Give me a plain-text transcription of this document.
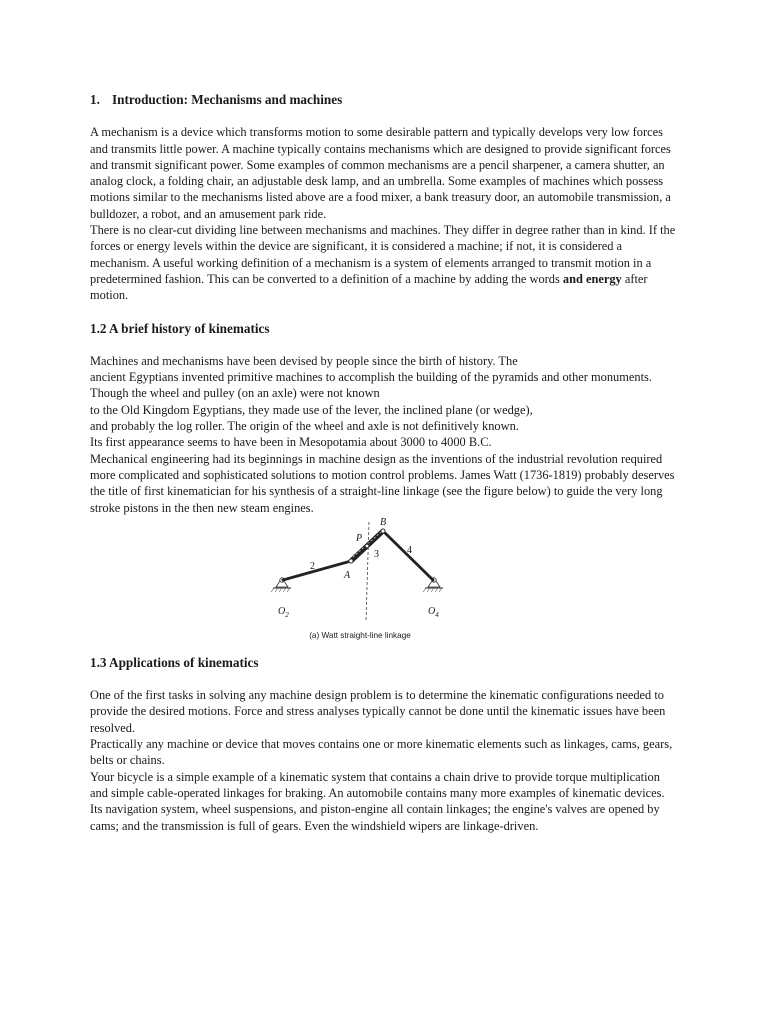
1. Introduction: Mechanisms and machines

A mechanism is a device which transforms motion to some desirable pattern and typically develops very low forces and transmits little power. A machine typically contains mechanisms which are designed to provide significant forces and transmit significant power. Some examples of common mechanisms are a pencil sharpener, a camera shutter, an analog clock, a folding chair, an adjustable desk lamp, and an umbrella. Some examples of machines which possess motions similar to the mechanisms listed above are a food mixer, a bank treasury door, an automobile transmission, a bulldozer, a robot, and an amusement park ride.

There is no clear-cut dividing line between mechanisms and machines. They differ in degree rather than in kind. If the forces or energy levels within the device are significant, it is considered a machine; if not, it is considered a mechanism. A useful working definition of a mechanism is a system of elements arranged to transmit motion in a predetermined fashion. This can be converted to a definition of a machine by adding the words and energy after motion.

1.2 A brief history of kinematics

Machines and mechanisms have been devised by people since the birth of history. The

ancient Egyptians invented primitive machines to accomplish the building of the pyramids and other monuments. Though the wheel and pulley (on an axle) were not known

to the Old Kingdom Egyptians, they made use of the lever, the inclined plane (or wedge),

and probably the log roller. The origin of the wheel and axle is not definitively known.

Its first appearance seems to have been in Mesopotamia about 3000 to 4000 B.C.

Mechanical engineering had its beginnings in machine design as the inventions of the industrial revolution required more complicated and sophisticated solutions to motion control problems. James Watt (1736-1819) probably deserves the title of first kinematician for his synthesis of a straight-line linkage (see the figure below) to guide the very long stroke pistons in the then new steam engines.

B
P
3	4
2
A
$O_2$	$O_4$
(a) Watt straight-line linkage

1.3 Applications of kinematics

One of the first tasks in solving any machine design problem is to determine the kinematic configurations needed to provide the desired motions. Force and stress analyses typically cannot be done until the kinematic issues have been resolved.

Practically any machine or device that moves contains one or more kinematic elements such as linkages, cams, gears, belts or chains.

Your bicycle is a simple example of a kinematic system that contains a chain drive to provide torque multiplication and simple cable-operated linkages for braking. An automobile contains many more examples of kinematic devices. Its navigation system, wheel suspensions, and piston-engine all contain linkages; the engine's valves are opened by cams; and the transmission is full of gears. Even the windshield wipers are linkage-driven.
